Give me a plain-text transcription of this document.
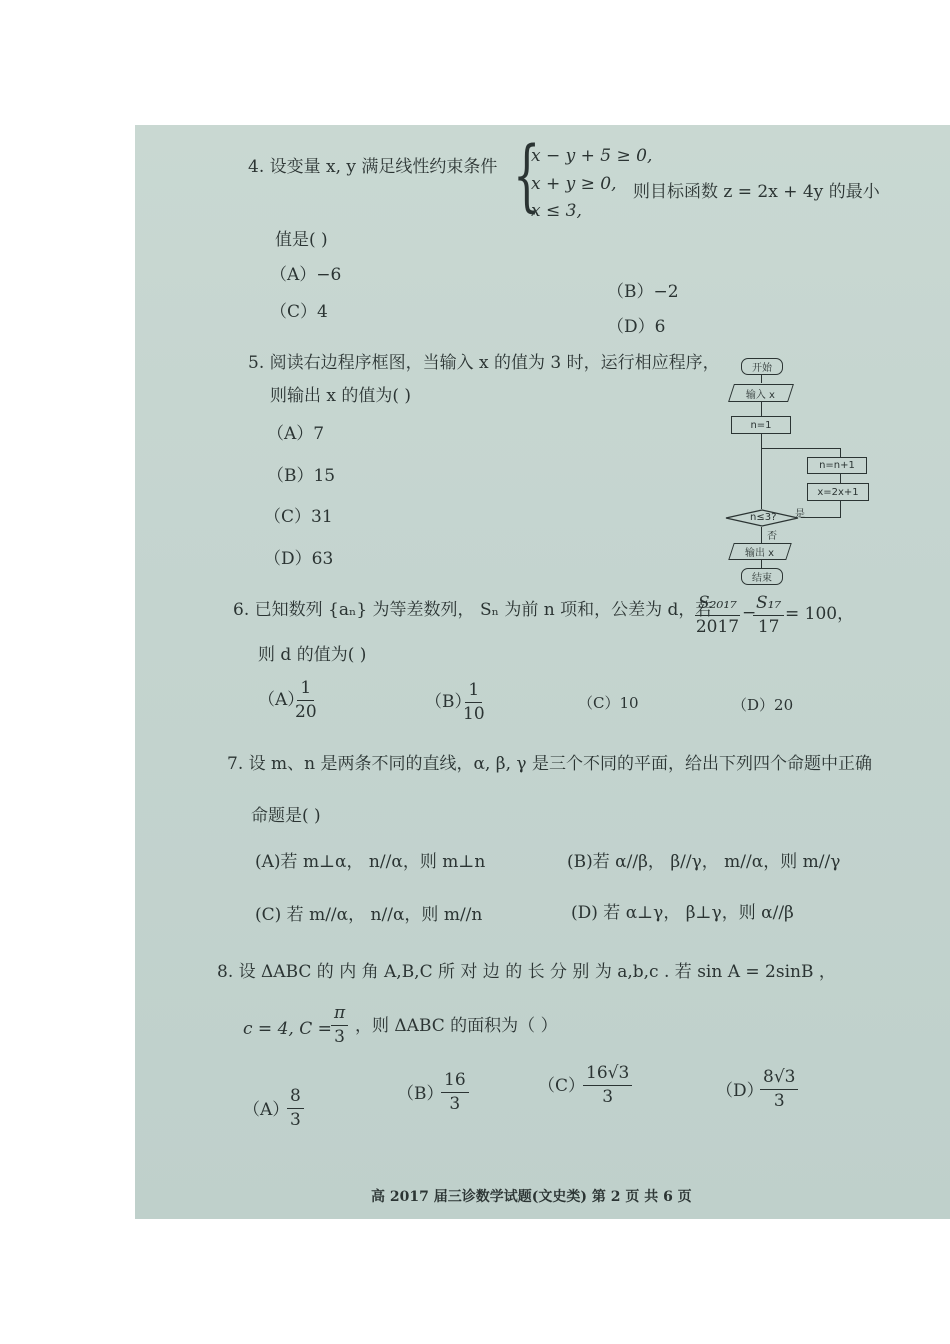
4. 设变量 x, y 满足线性约束条件 {
x − y + 5 ≥ 0,
x + y ≥ 0,
x ≤ 3,
则目标函数 z = 2x + 4y 的最小
值是( )
（A）−6
（C）4
（B）−2
（D）6
5. 阅读右边程序框图，当输入 x 的值为 3 时，运行相应程序，
则输出 x 的值为( )
（A）7
（B）15
（C）31
（D）63
开始
输入 x
n=1
n=n+1
x=2x+1
是
n≤3?
否
输出 x
结束
6. 已知数列 {aₙ} 为等差数列， Sₙ 为前 n 项和，公差为 d，若
$\frac{\text{S₂₀₁₇}}{2017}$ −
$\frac{\text{S₁₇}}{17} = 100$，
则 d 的值为( )
（A）
$\frac{1}{20}$	（B）
$\frac{1}{10}$	（C）10	（D）20
7. 设 m、n 是两条不同的直线，α, β, γ 是三个不同的平面，给出下列四个命题中正确
命题是( )
(A)若 m⊥α， n//α，则 m⊥n	(B)若 α//β， β//γ， m//α，则 m//γ
(C) 若 m//α， n//α，则 m//n	(D) 若 α⊥γ， β⊥γ，则 α//β
8. 设 ΔABC 的 内 角 A,B,C 所 对 边 的 长 分 别 为 a,b,c . 若 sin A = 2sinB ，
c = 4, $C = \frac{\pi}{3}$ ，则 ΔABC 的面积为（ ）
（A）
$\frac{8}{3}$	（B）
$\frac{16}{3}$	（C）
$\frac{16√3}{3}$	（D）
$\frac{8√3}{3}$
高 2017 届三诊数学试题(文史类) 第 2 页 共 6 页
